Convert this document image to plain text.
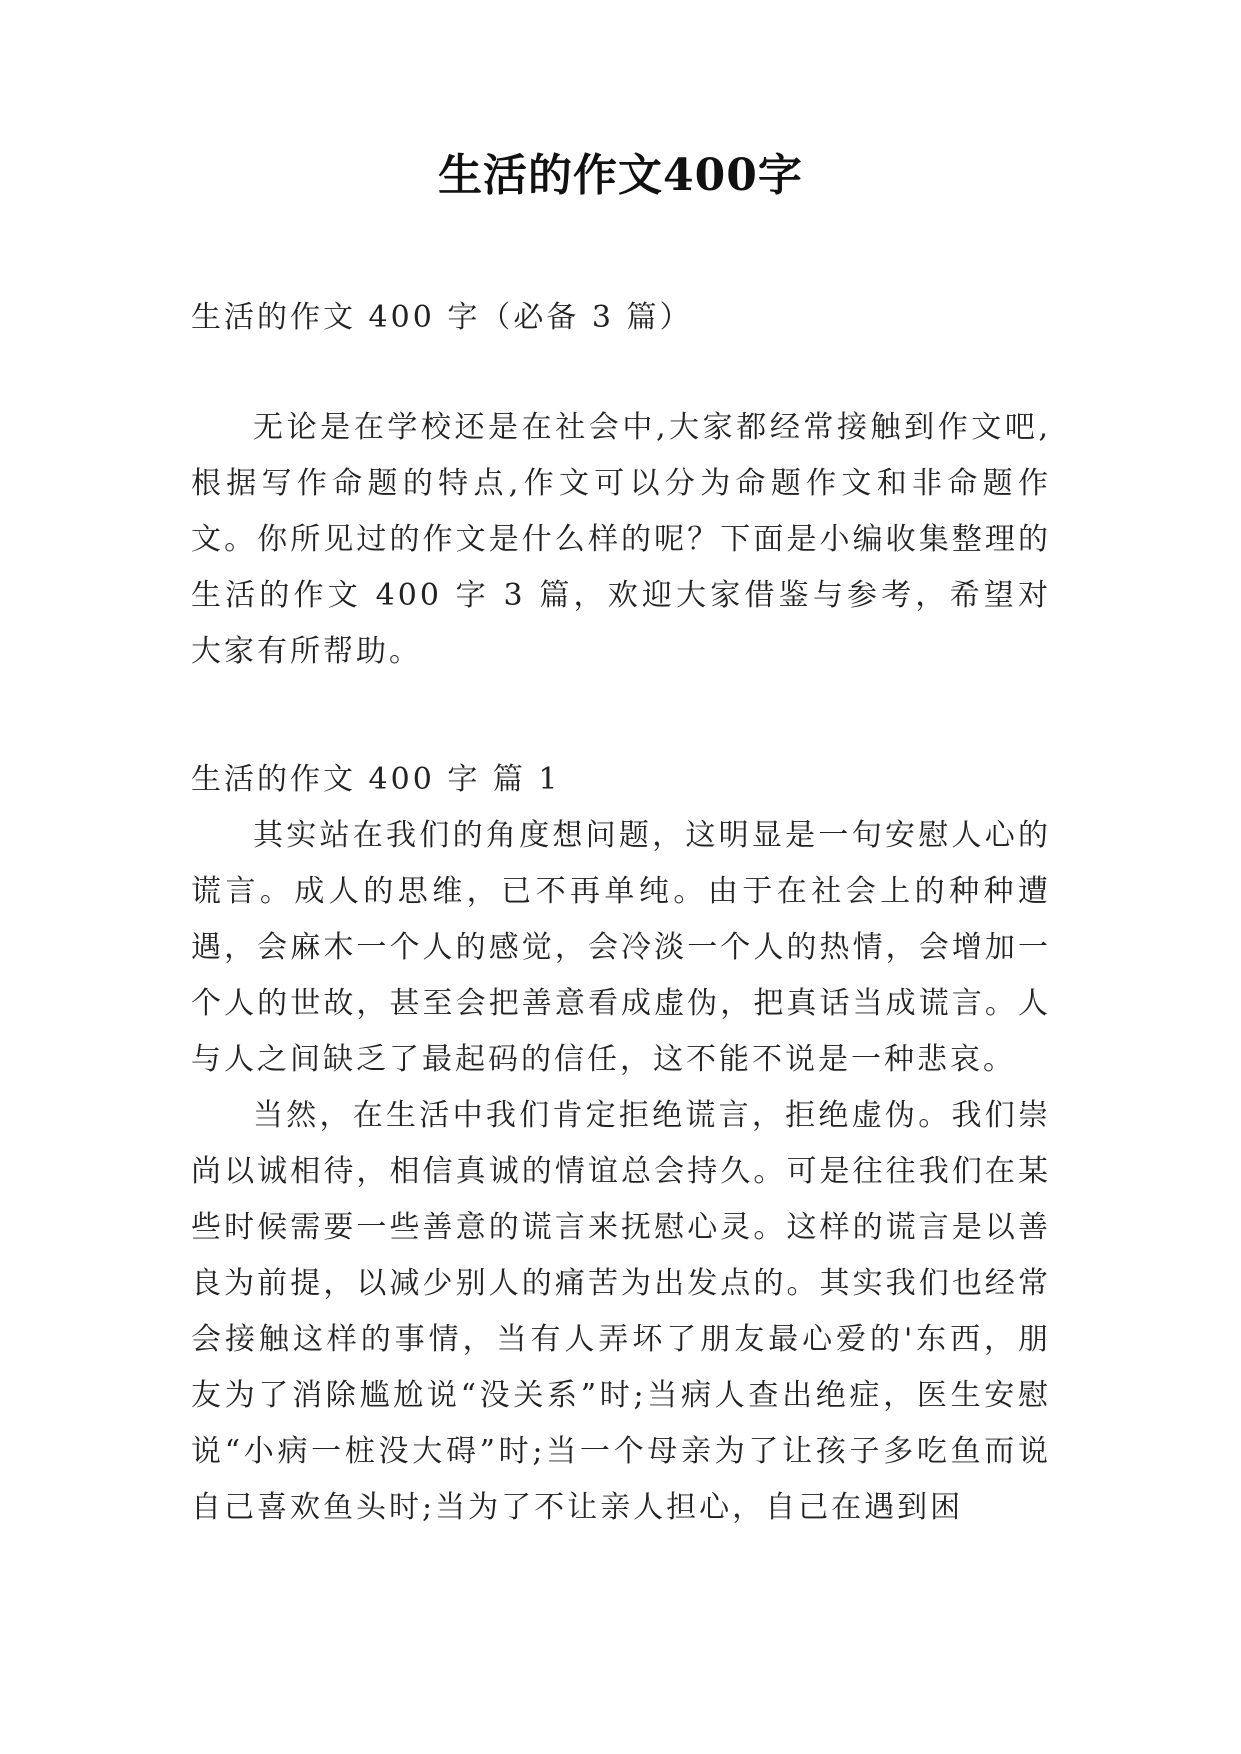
生活的作文400字

生活的作文 400 字（必备 3 篇）

无论是在学校还是在社会中,大家都经常接触到作文吧,根据写作命题的特点,作文可以分为命题作文和非命题作文。你所见过的作文是什么样的呢？下面是小编收集整理的生活的作文 400 字 3 篇，欢迎大家借鉴与参考，希望对大家有所帮助。

生活的作文 400 字 篇 1

其实站在我们的角度想问题，这明显是一句安慰人心的谎言。成人的思维，已不再单纯。由于在社会上的种种遭遇，会麻木一个人的感觉，会冷淡一个人的热情，会增加一个人的世故，甚至会把善意看成虚伪，把真话当成谎言。人与人之间缺乏了最起码的信任，这不能不说是一种悲哀。

当然，在生活中我们肯定拒绝谎言，拒绝虚伪。我们崇尚以诚相待，相信真诚的情谊总会持久。可是往往我们在某些时候需要一些善意的谎言来抚慰心灵。这样的谎言是以善良为前提，以减少别人的痛苦为出发点的。其实我们也经常会接触这样的事情，当有人弄坏了朋友最心爱的'东西，朋友为了消除尴尬说“没关系”时;当病人查出绝症，医生安慰说“小病一桩没大碍”时;当一个母亲为了让孩子多吃鱼而说自己喜欢鱼头时;当为了不让亲人担心，自己在遇到困
